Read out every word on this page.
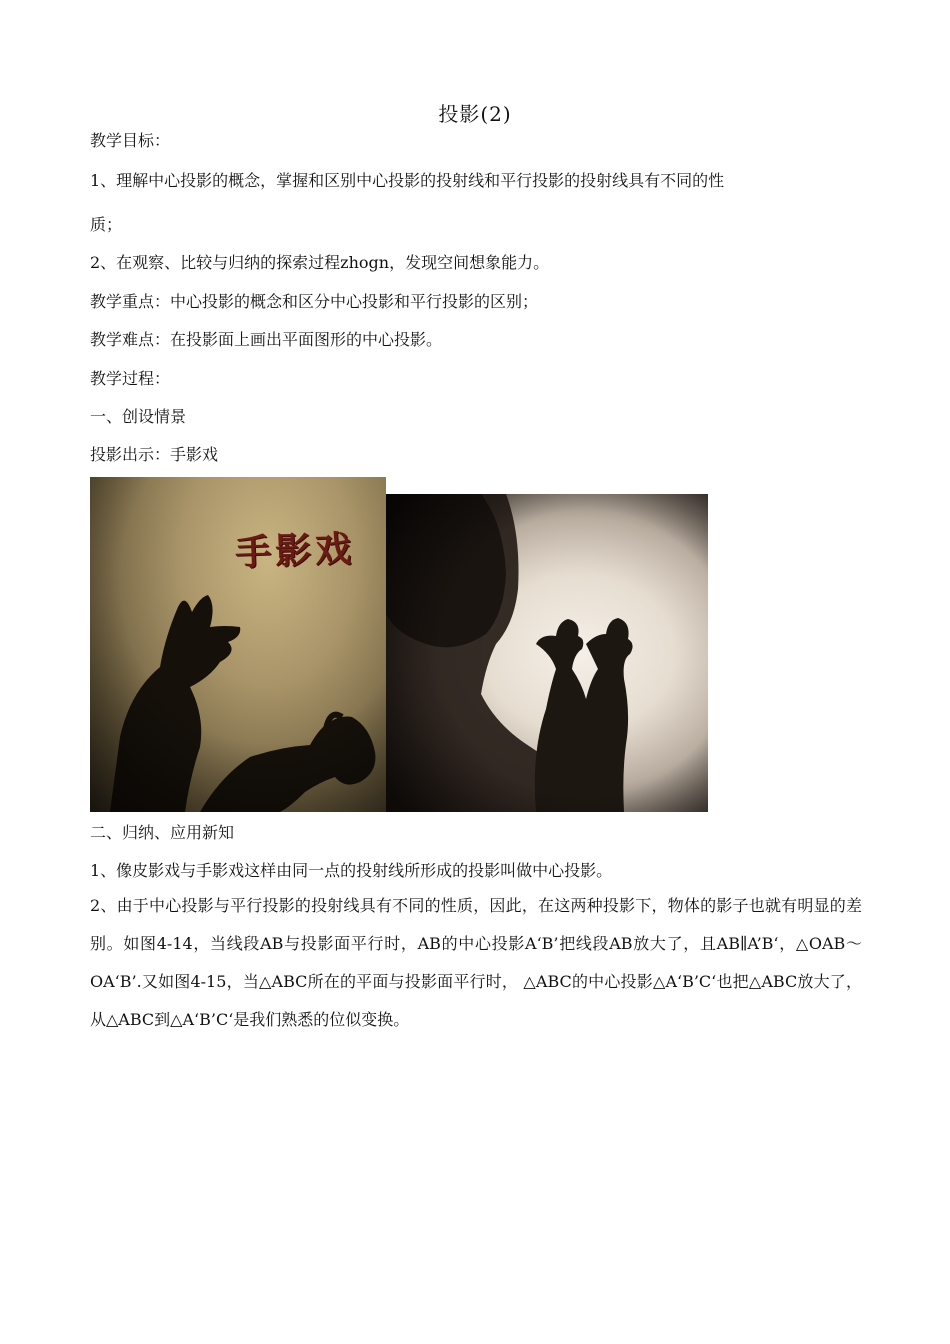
投影(2)
教学目标：
1、理解中心投影的概念，掌握和区别中心投影的投射线和平行投影的投射线具有不同的性
质；
2、在观察、比较与归纳的探索过程zhogn，发现空间想象能力。
教学重点：中心投影的概念和区分中心投影和平行投影的区别；
教学难点：在投影面上画出平面图形的中心投影。
教学过程：
一、创设情景
投影出示：手影戏
手影戏
二、归纳、应用新知
1、像皮影戏与手影戏这样由同一点的投射线所形成的投影叫做中心投影。
2、由于中心投影与平行投影的投射线具有不同的性质，因此，在这两种投影下，物体的影子也就有明显的差别。如图4-14，当线段AB与投影面平行时，AB的中心投影A‘B’把线段AB放大了，且AB∥A’B‘，△OAB～ OA‘B’.又如图4-15，当△ABC所在的平面与投影面平行时， △ABC的中心投影△A‘B’C‘也把△ABC放大了，从△ABC到△A‘B’C‘是我们熟悉的位似变换。
